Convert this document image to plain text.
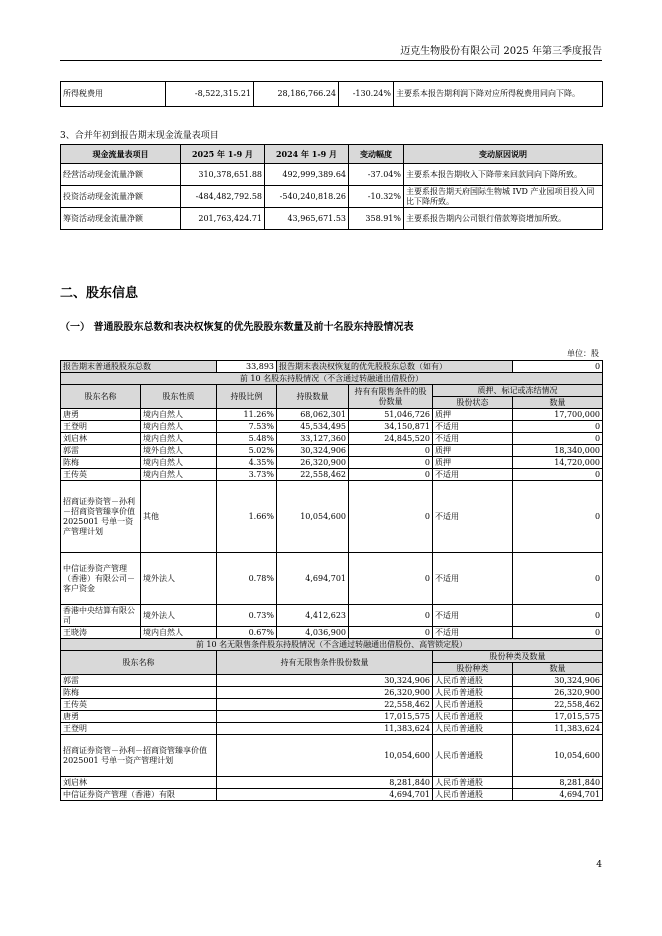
迈克生物股份有限公司 2025 年第三季度报告
所得税费用	-8,522,315.21	28,186,766.24	-130.24%	主要系本报告期利润下降对应所得税费用同向下降。
3、合并年初到报告期末现金流量表项目
现金流量表项目	2025 年 1-9 月	2024 年 1-9 月	变动幅度	变动原因说明
经营活动现金流量净额	310,378,651.88	492,999,389.64	-37.04%	主要系本报告期收入下降带来回款同向下降所致。
投资活动现金流量净额	-484,482,792.58	-540,240,818.26	-10.32%	主要系报告期天府国际生物城 IVD 产业园项目投入同比下降所致。
筹资活动现金流量净额	201,763,424.71	43,965,671.53	358.91%	主要系报告期内公司银行借款筹资增加所致。
二、股东信息
（一） 普通股股东总数和表决权恢复的优先股股东数量及前十名股东持股情况表
单位：股
报告期末普通股股东总数		33,893	报告期末表决权恢复的优先股股东总数（如有）			0
前 10 名股东持股情况（不含通过转融通出借股份）						
股东名称	股东性质	持股比例	持股数量	持有有限售条件的股份数量	质押、标记或冻结情况	
					股份状态	数量
唐勇	境内自然人	11.26%	68,062,301	51,046,726	质押	17,700,000
王登明	境内自然人	7.53%	45,534,495	34,150,871	不适用	0
刘启林	境内自然人	5.48%	33,127,360	24,845,520	不适用	0
郭雷	境外自然人	5.02%	30,324,906	0	质押	18,340,000
陈梅	境内自然人	4.35%	26,320,900	0	质押	14,720,000
王传英	境内自然人	3.73%	22,558,462	0	不适用	0
招商证券资管－孙利－招商资管臻享价值2025001 号单一资产管理计划	其他	1.66%	10,054,600	0	不适用	0
中信证券资产管理（香港）有限公司－客户资金	境外法人	0.78%	4,694,701	0	不适用	0
香港中央结算有限公司	境外法人	0.73%	4,412,623	0	不适用	0
王晓涛	境内自然人	0.67%	4,036,900	0	不适用	0
前 10 名无限售条件股东持股情况（不含通过转融通出借股份、高管锁定股）						
股东名称		持有无限售条件股份数量			股份种类及数量	
					股份种类	数量
郭雷		30,324,906			人民币普通股	30,324,906
陈梅		26,320,900			人民币普通股	26,320,900
王传英		22,558,462			人民币普通股	22,558,462
唐勇		17,015,575			人民币普通股	17,015,575
王登明		11,383,624			人民币普通股	11,383,624
招商证券资管－孙利－招商资管臻享价值 2025001 号单一资产管理计划		10,054,600			人民币普通股	10,054,600
刘启林		8,281,840			人民币普通股	8,281,840
中信证券资产管理（香港）有限		4,694,701			人民币普通股	4,694,701
4
